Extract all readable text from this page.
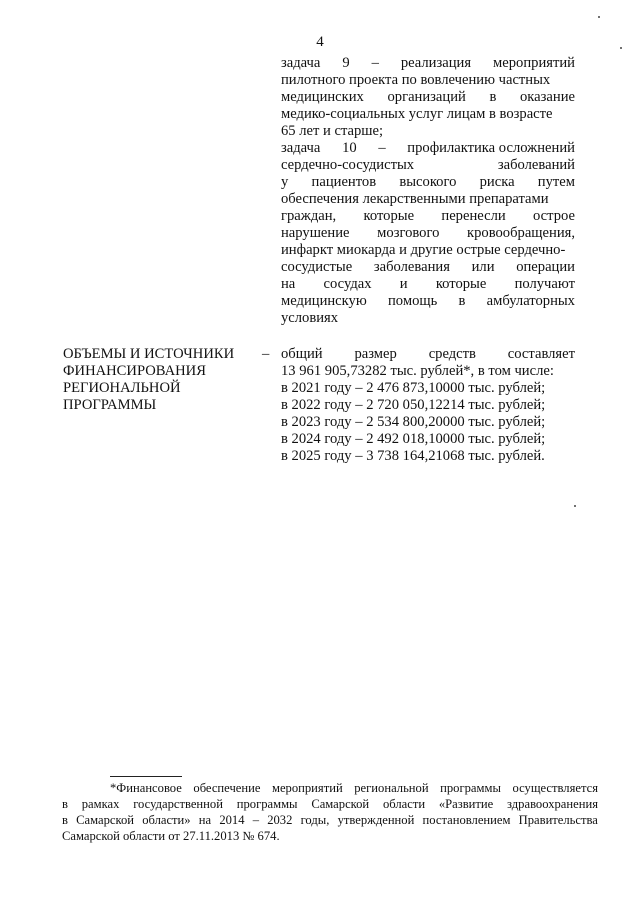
4
задача 9 – реализация мероприятий
пилотного проекта по вовлечению частных
медицинских организаций в оказание
медико-социальных услуг лицам в возрасте
65 лет и старше;
задача 10 – профилактика осложнений
сердечно-сосудистых	заболеваний
у пациентов высокого риска путем
обеспечения лекарственными препаратами
граждан, которые перенесли острое
нарушение мозгового кровообращения,
инфаркт миокарда и другие острые сердечно-
сосудистые заболевания или операции
на сосудах и которые получают
медицинскую помощь в амбулаторных
условиях
ОБЪЕМЫ И ИСТОЧНИКИ
ФИНАНСИРОВАНИЯ
РЕГИОНАЛЬНОЙ
ПРОГРАММЫ
– общий размер средств составляет
13 961 905,73282 тыс. рублей*, в том числе:
в 2021 году – 2 476 873,10000 тыс. рублей;
в 2022 году – 2 720 050,12214 тыс. рублей;
в 2023 году – 2 534 800,20000 тыс. рублей;
в 2024 году – 2 492 018,10000 тыс. рублей;
в 2025 году – 3 738 164,21068 тыс. рублей.
*Финансовое обеспечение мероприятий региональной программы осуществляется
в рамках государственной программы Самарской области «Развитие здравоохранения
в Самарской области» на 2014 – 2032 годы, утвержденной постановлением Правительства
Самарской области от 27.11.2013 № 674.
